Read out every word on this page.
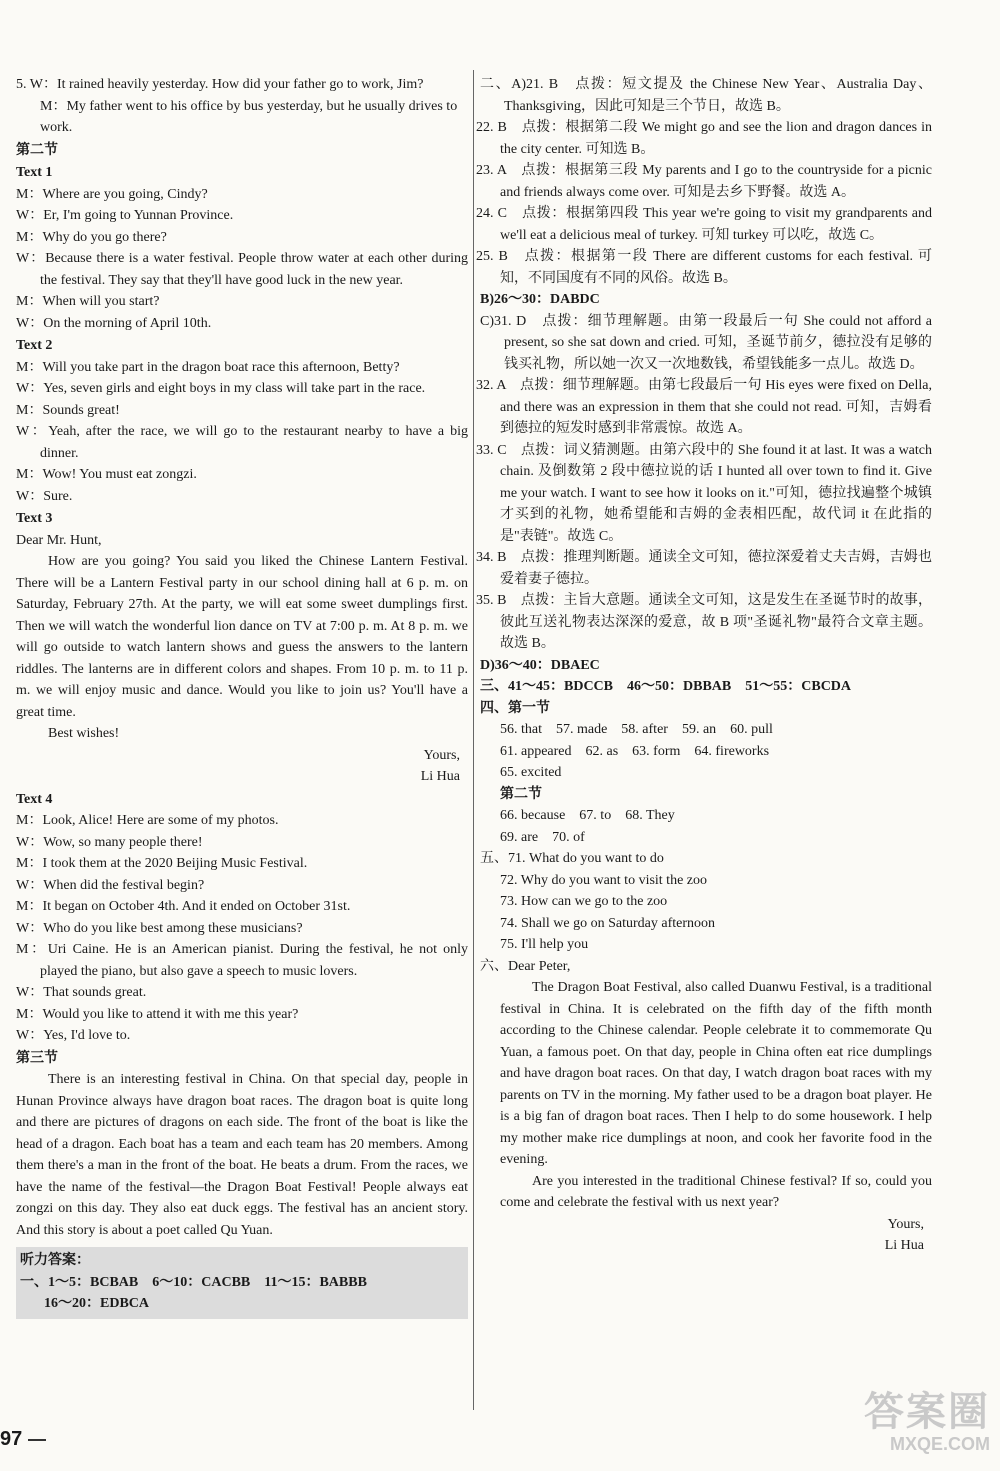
5. W：It rained heavily yesterday. How did your father go to work, Jim?

M：My father went to his office by bus yesterday, but he usually drives to work.

第二节

Text 1

M：Where are you going, Cindy?

W：Er, I'm going to Yunnan Province.

M：Why do you go there?

W：Because there is a water festival. People throw water at each other during the festival. They say that they'll have good luck in the new year.

M：When will you start?

W：On the morning of April 10th.

Text 2

M：Will you take part in the dragon boat race this afternoon, Betty?

W：Yes, seven girls and eight boys in my class will take part in the race.

M：Sounds great!

W：Yeah, after the race, we will go to the restaurant nearby to have a big dinner.

M：Wow! You must eat zongzi.

W：Sure.

Text 3

Dear Mr. Hunt,

How are you going? You said you liked the Chinese Lantern Festival. There will be a Lantern Festival party in our school dining hall at 6 p. m. on Saturday, February 27th. At the party, we will eat some sweet dumplings first. Then we will watch the wonderful lion dance on TV at 7:00 p. m. At 8 p. m. we will go outside to watch lantern shows and guess the answers to the lantern riddles. The lanterns are in different colors and shapes. From 10 p. m. to 11 p. m. we will enjoy music and dance. Would you like to join us? You'll have a great time.

Best wishes!

Yours,

Li Hua

Text 4

M：Look, Alice! Here are some of my photos.

W：Wow, so many people there!

M：I took them at the 2020 Beijing Music Festival.

W：When did the festival begin?

M：It began on October 4th. And it ended on October 31st.

W：Who do you like best among these musicians?

M：Uri Caine. He is an American pianist. During the festival, he not only played the piano, but also gave a speech to music lovers.

W：That sounds great.

M：Would you like to attend it with me this year?

W：Yes, I'd love to.

第三节

There is an interesting festival in China. On that special day, people in Hunan Province always have dragon boat races. The dragon boat is quite long and there are pictures of dragons on each side. The front of the boat is like the head of a dragon. Each boat has a team and each team has 20 members. Among them there's a man in the front of the boat. He beats a drum. From the races, we have the name of the festival—the Dragon Boat Festival! People always eat zongzi on this day. They also eat duck eggs. The festival has an ancient story. And this story is about a poet called Qu Yuan.

听力答案：

一、1～5：BCBAB　6～10：CACBB　11～15：BABBB

16～20：EDBCA

二、A)21. B　点拨：短文提及 the Chinese New Year、Australia Day、Thanksgiving，因此可知是三个节日，故选 B。

22. B　点拨：根据第二段 We might go and see the lion and dragon dances in the city center. 可知选 B。

23. A　点拨：根据第三段 My parents and I go to the countryside for a picnic and friends always come over. 可知是去乡下野餐。故选 A。

24. C　点拨：根据第四段 This year we're going to visit my grandparents and we'll eat a delicious meal of turkey. 可知 turkey 可以吃，故选 C。

25. B　点拨：根据第一段 There are different customs for each festival. 可知，不同国度有不同的风俗。故选 B。

B)26～30：DABDC

C)31. D　点拨：细节理解题。由第一段最后一句 She could not afford a present, so she sat down and cried. 可知，圣诞节前夕，德拉没有足够的钱买礼物，所以她一次又一次地数钱，希望钱能多一点儿。故选 D。

32. A　点拨：细节理解题。由第七段最后一句 His eyes were fixed on Della, and there was an expression in them that she could not read. 可知，吉姆看到德拉的短发时感到非常震惊。故选 A。

33. C　点拨：词义猜测题。由第六段中的 She found it at last. It was a watch chain. 及倒数第 2 段中德拉说的话 I hunted all over town to find it. Give me your watch. I want to see how it looks on it."可知，德拉找遍整个城镇才买到的礼物，她希望能和吉姆的金表相匹配，故代词 it 在此指的是"表链"。故选 C。

34. B　点拨：推理判断题。通读全文可知，德拉深爱着丈夫吉姆，吉姆也爱着妻子德拉。

35. B　点拨：主旨大意题。通读全文可知，这是发生在圣诞节时的故事，彼此互送礼物表达深深的爱意，故 B 项"圣诞礼物"最符合文章主题。故选 B。

D)36～40：DBAEC

三、41～45：BDCCB　46～50：DBBAB　51～55：CBCDA

四、第一节

56. that　57. made　58. after　59. an　60. pull

61. appeared　62. as　63. form　64. fireworks

65. excited

第二节

66. because　67. to　68. They

69. are　70. of

五、71. What do you want to do

72. Why do you want to visit the zoo

73. How can we go to the zoo

74. Shall we go on Saturday afternoon

75. I'll help you

六、Dear Peter,

The Dragon Boat Festival, also called Duanwu Festival, is a traditional festival in China. It is celebrated on the fifth day of the fifth month according to the Chinese calendar. People celebrate it to commemorate Qu Yuan, a famous poet. On that day, people in China often eat rice dumplings and have dragon boat races. On that day, I watch dragon boat races with my parents on TV in the morning. My father used to be a dragon boat player. He is a big fan of dragon boat races. Then I help to do some housework. I help my mother make rice dumplings at noon, and cook her favorite food in the evening.

Are you interested in the traditional Chinese festival? If so, could you come and celebrate the festival with us next year?

Yours,

Li Hua

97
答案圈
MXQE.COM
